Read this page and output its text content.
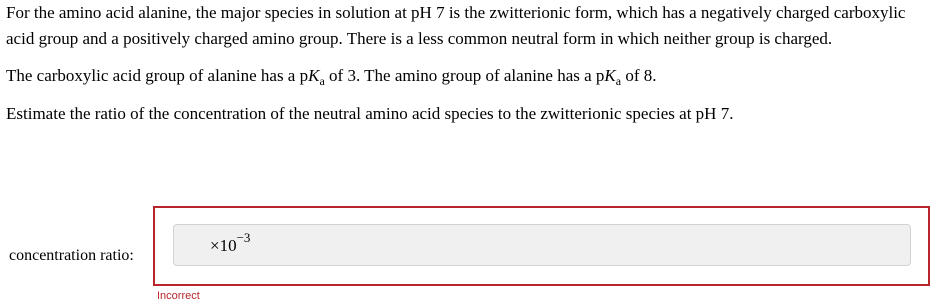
For the amino acid alanine, the major species in solution at pH 7 is the zwitterionic form, which has a negatively charged carboxylic acid group and a positively charged amino group. There is a less common neutral form in which neither group is charged.

The carboxylic acid group of alanine has a $pK_a$ of 3. The amino group of alanine has a $pK_a$ of 8.

Estimate the ratio of the concentration of the neutral amino acid species to the zwitterionic species at pH 7.

concentration ratio:
$\times 10^{-3}$
Incorrect
